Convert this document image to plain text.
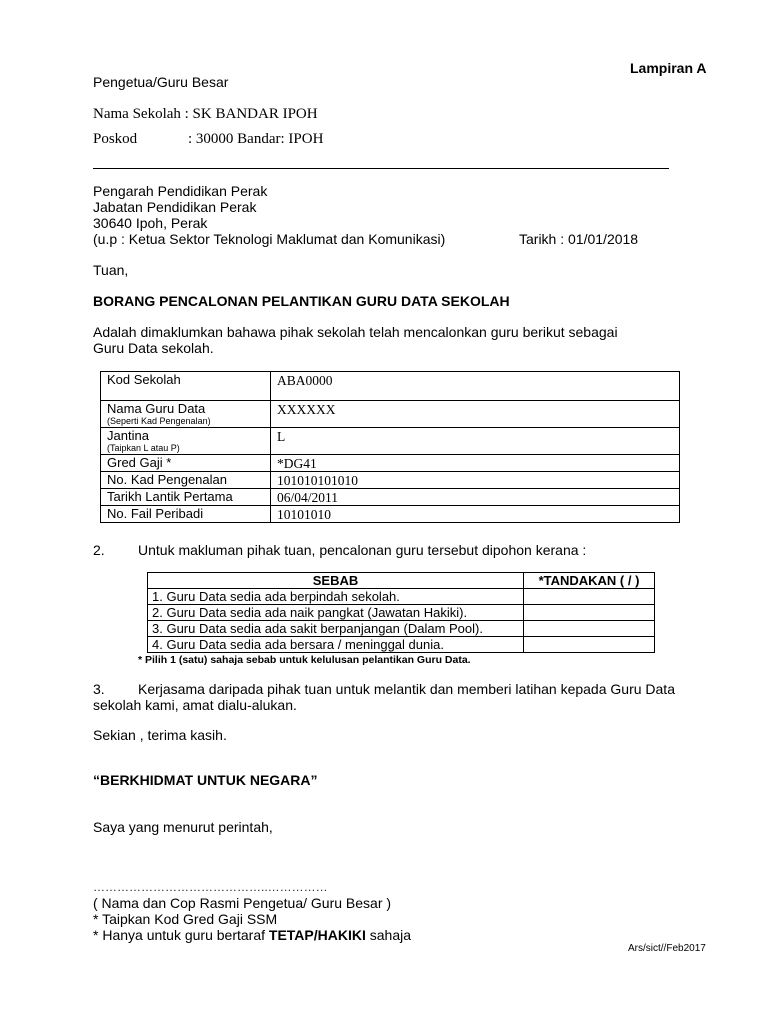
Lampiran A
Pengetua/Guru Besar
Nama Sekolah : SK BANDAR IPOH
Poskod	: 30000 Bandar: IPOH
Pengarah Pendidikan Perak
Jabatan Pendidikan Perak
30640 Ipoh, Perak
(u.p : Ketua Sektor Teknologi Maklumat dan Komunikasi)	Tarikh : 01/01/2018
Tuan,
BORANG PENCALONAN PELANTIKAN GURU DATA SEKOLAH
Adalah dimaklumkan bahawa pihak sekolah telah mencalonkan guru berikut sebagai
Guru Data sekolah.
Kod Sekolah	ABA0000
Nama Guru Data
(Seperti Kad Pengenalan)	XXXXXX
Jantina
(Taipkan L atau P)	L
Gred Gaji *	*DG41
No. Kad Pengenalan	101010101010
Tarikh Lantik Pertama	06/04/2011
No. Fail Peribadi	10101010
2. Untuk makluman pihak tuan, pencalonan guru tersebut dipohon kerana :
SEBAB	*TANDAKAN ( / )
1. Guru Data sedia ada berpindah sekolah.	
2. Guru Data sedia ada naik pangkat (Jawatan Hakiki).	
3. Guru Data sedia ada sakit berpanjangan (Dalam Pool).	
4. Guru Data sedia ada bersara / meninggal dunia.	
* Pilih 1 (satu) sahaja sebab untuk kelulusan pelantikan Guru Data.
3. Kerjasama daripada pihak tuan untuk melantik dan memberi latihan kepada Guru Data
sekolah kami, amat dialu-alukan.
Sekian , terima kasih.
“BERKHIDMAT UNTUK NEGARA”
Saya yang menurut perintah,
……………………………………..……………
( Nama dan Cop Rasmi Pengetua/ Guru Besar )
* Taipkan Kod Gred Gaji SSM
* Hanya untuk guru bertaraf TETAP/HAKIKI sahaja
Ars/sict//Feb2017
